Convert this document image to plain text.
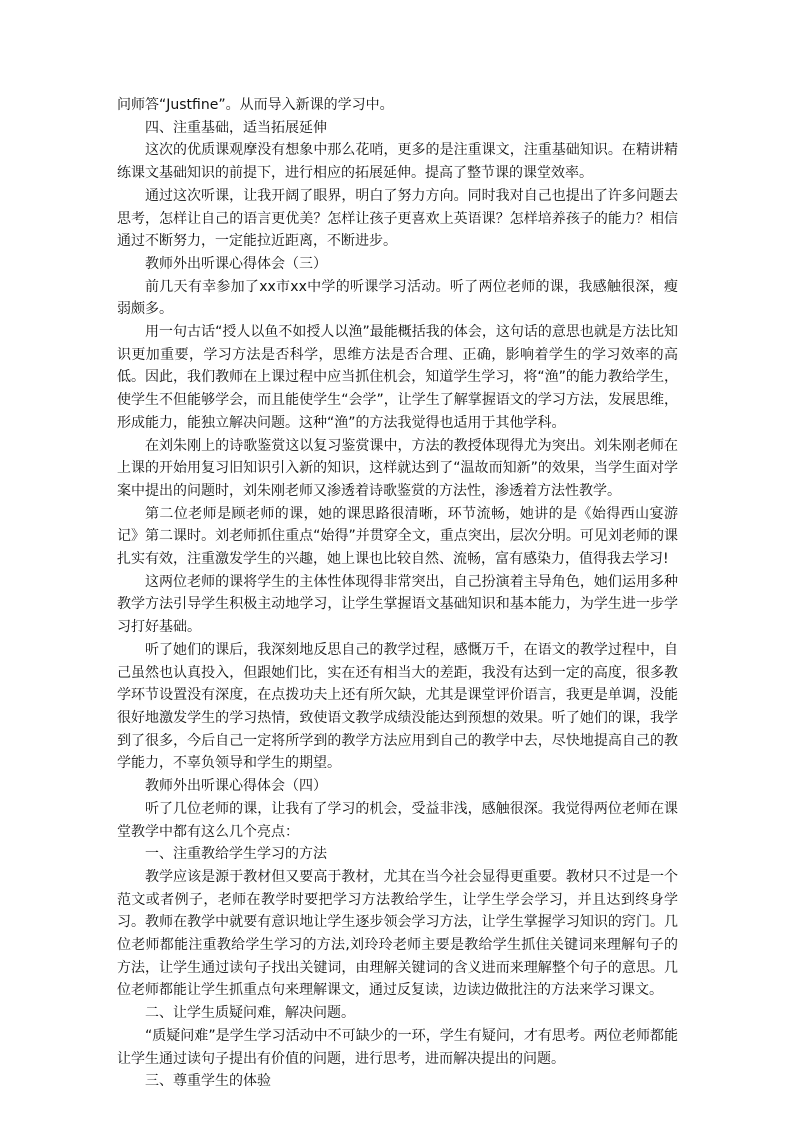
问师答“Justfine”。从而导入新课的学习中。

四、注重基础，适当拓展延伸

这次的优质课观摩没有想象中那么花哨，更多的是注重课文，注重基础知识。在精讲精练课文基础知识的前提下，进行相应的拓展延伸。提高了整节课的课堂效率。

通过这次听课，让我开阔了眼界，明白了努力方向。同时我对自己也提出了许多问题去思考，怎样让自己的语言更优美？怎样让孩子更喜欢上英语课？怎样培养孩子的能力？相信通过不断努力，一定能拉近距离，不断进步。

教师外出听课心得体会（三）

前几天有幸参加了xx市xx中学的听课学习活动。听了两位老师的课，我感触很深，瘦弱颇多。

用一句古话“授人以鱼不如授人以渔”最能概括我的体会，这句话的意思也就是方法比知识更加重要，学习方法是否科学，思维方法是否合理、正确，影响着学生的学习效率的高低。因此，我们教师在上课过程中应当抓住机会，知道学生学习，将“渔”的能力教给学生，使学生不但能够学会，而且能使学生“会学”，让学生了解掌握语文的学习方法，发展思维，形成能力，能独立解决问题。这种“渔”的方法我觉得也适用于其他学科。

在刘朱刚上的诗歌鉴赏这以复习鉴赏课中，方法的教授体现得尤为突出。刘朱刚老师在上课的开始用复习旧知识引入新的知识，这样就达到了“温故而知新”的效果，当学生面对学案中提出的问题时，刘朱刚老师又渗透着诗歌鉴赏的方法性，渗透着方法性教学。

第二位老师是顾老师的课，她的课思路很清晰，环节流畅，她讲的是《始得西山宴游记》第二课时。刘老师抓住重点“始得”并贯穿全文，重点突出，层次分明。可见刘老师的课扎实有效，注重激发学生的兴趣，她上课也比较自然、流畅，富有感染力，值得我去学习!

这两位老师的课将学生的主体性体现得非常突出，自己扮演着主导角色，她们运用多种教学方法引导学生积极主动地学习，让学生掌握语文基础知识和基本能力，为学生进一步学习打好基础。

听了她们的课后，我深刻地反思自己的教学过程，感慨万千，在语文的教学过程中，自己虽然也认真投入，但跟她们比，实在还有相当大的差距，我没有达到一定的高度，很多教学环节设置没有深度，在点拨功夫上还有所欠缺，尤其是课堂评价语言，我更是单调，没能很好地激发学生的学习热情，致使语文教学成绩没能达到预想的效果。听了她们的课，我学到了很多，今后自己一定将所学到的教学方法应用到自己的教学中去，尽快地提高自己的教学能力，不辜负领导和学生的期望。

教师外出听课心得体会（四）

听了几位老师的课，让我有了学习的机会，受益非浅，感触很深。我觉得两位老师在课堂教学中都有这么几个亮点：

一、注重教给学生学习的方法

教学应该是源于教材但又要高于教材，尤其在当今社会显得更重要。教材只不过是一个范文或者例子，老师在教学时要把学习方法教给学生，让学生学会学习，并且达到终身学习。教师在教学中就要有意识地让学生逐步领会学习方法，让学生掌握学习知识的窍门。几位老师都能注重教给学生学习的方法,刘玲玲老师主要是教给学生抓住关键词来理解句子的方法，让学生通过读句子找出关键词，由理解关键词的含义进而来理解整个句子的意思。几位老师都能让学生抓重点句来理解课文，通过反复读，边读边做批注的方法来学习课文。

二、让学生质疑问难，解决问题。

“质疑问难”是学生学习活动中不可缺少的一环，学生有疑问，才有思考。两位老师都能让学生通过读句子提出有价值的问题，进行思考，进而解决提出的问题。

三、尊重学生的体验
